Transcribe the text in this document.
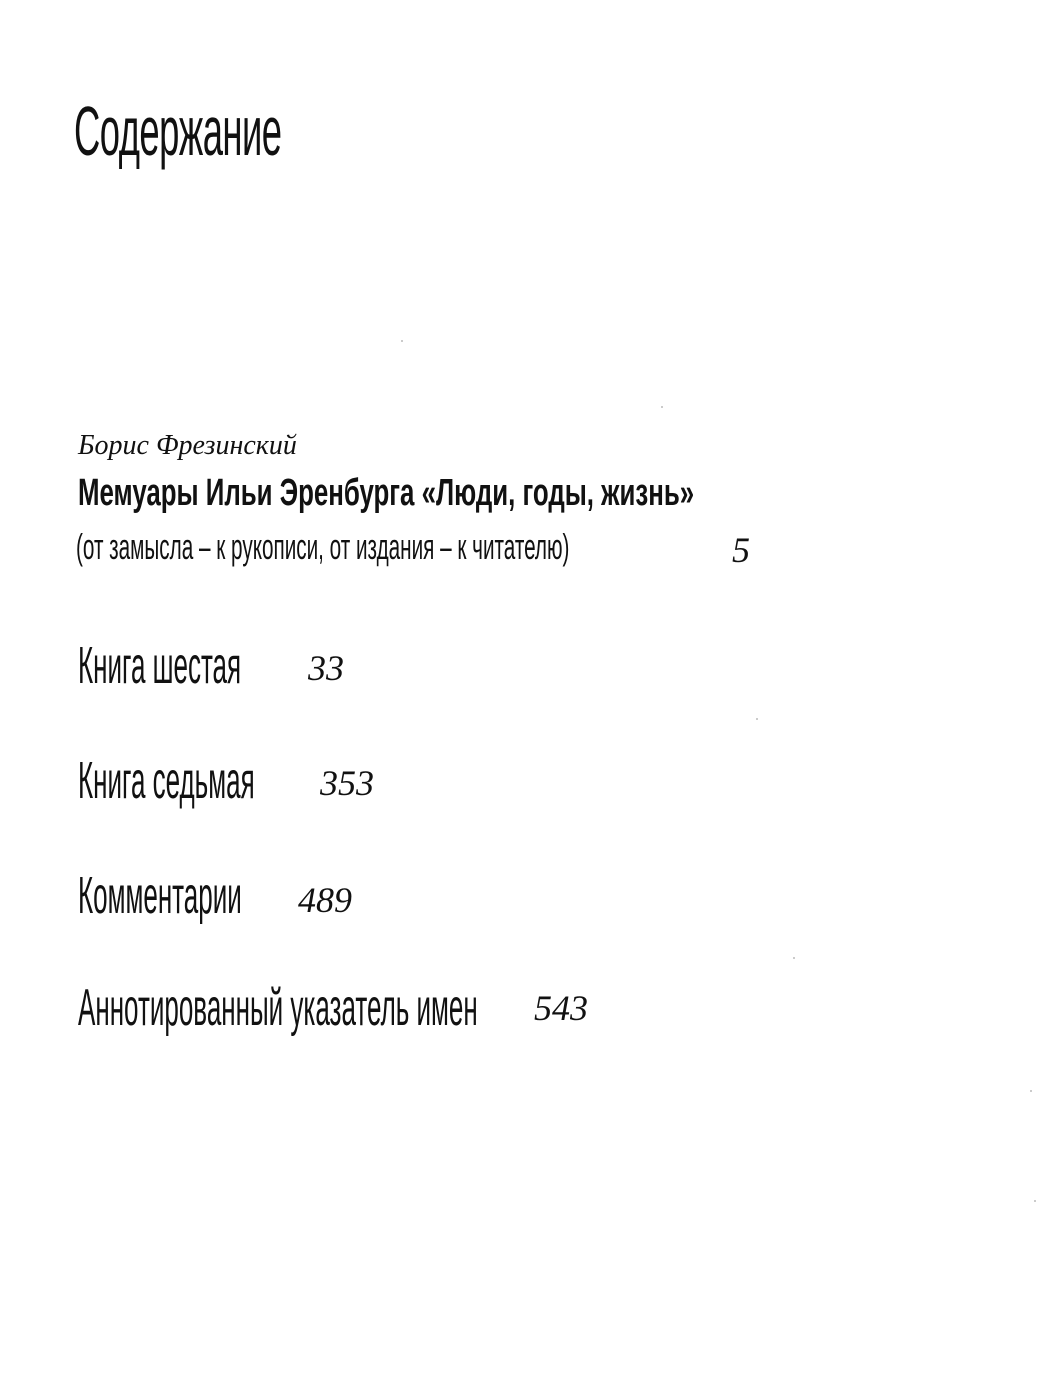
Содержание
Борис Фрезинский
Мемуары Ильи Эренбурга «Люди, годы, жизнь»
(от замысла – к рукописи, от издания – к читателю)	5
Книга шестая	33
Книга седьмая	353
Комментарии	489
Аннотированный указатель имен	543
